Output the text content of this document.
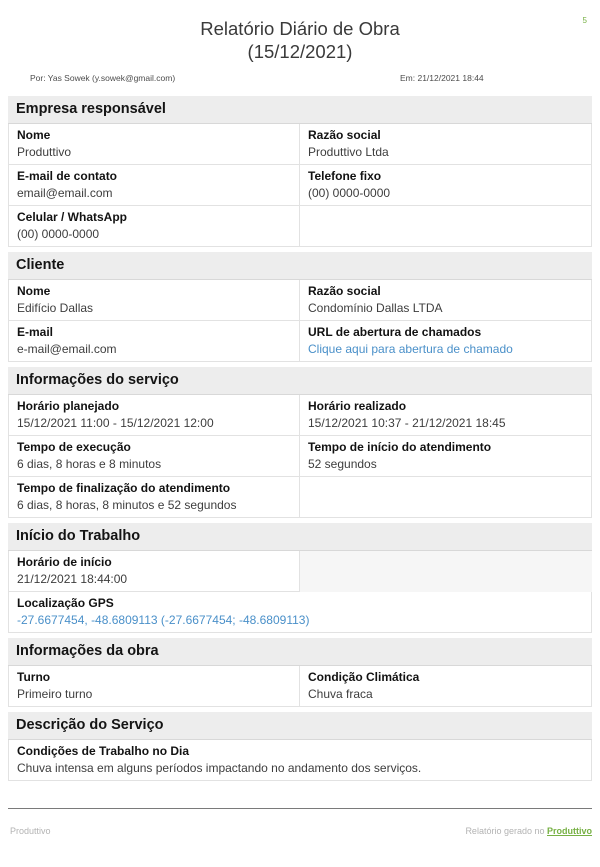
5
Relatório Diário de Obra
(15/12/2021)
Por: Yas Sowek (y.sowek@gmail.com)	Em: 21/12/2021 18:44
Empresa responsável
Nome
Produttivo
Razão social
Produttivo Ltda
E-mail de contato
email@email.com
Telefone fixo
(00) 0000-0000
Celular / WhatsApp
(00) 0000-0000
Cliente
Nome
Edifício Dallas
Razão social
Condomínio Dallas LTDA
E-mail
e-mail@email.com
URL de abertura de chamados
Clique aqui para abertura de chamado
Informações do serviço
Horário planejado
15/12/2021 11:00 - 15/12/2021 12:00
Horário realizado
15/12/2021 10:37 - 21/12/2021 18:45
Tempo de execução
6 dias, 8 horas e 8 minutos
Tempo de início do atendimento
52 segundos
Tempo de finalização do atendimento
6 dias, 8 horas, 8 minutos e 52 segundos
Início do Trabalho
Horário de início
21/12/2021 18:44:00
Localização GPS
-27.6677454, -48.6809113 (-27.6677454; -48.6809113)
Informações da obra
Turno
Primeiro turno
Condição Climática
Chuva fraca
Descrição do Serviço
Condições de Trabalho no Dia
Chuva intensa em alguns períodos impactando no andamento dos serviços.
Produttivo	Relatório gerado no Produttivo
